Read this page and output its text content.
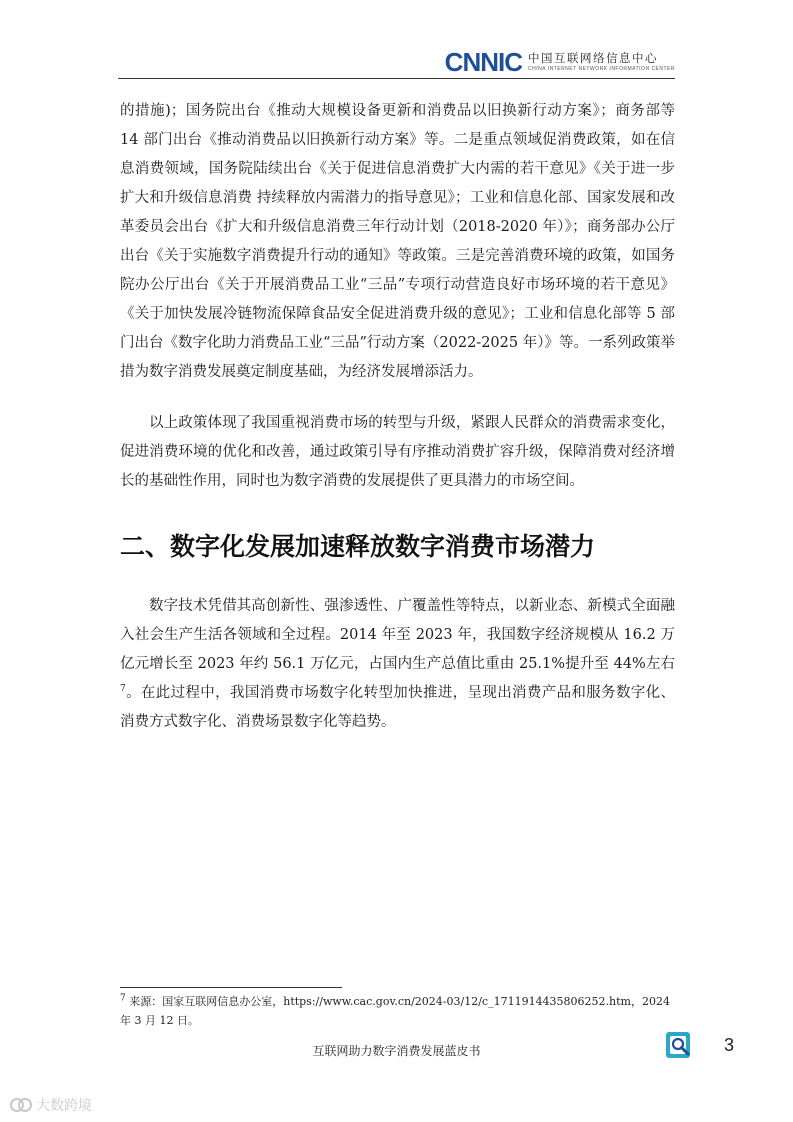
CNNIC 中国互联网络信息中心
CHINA INTERNET NETWORK INFORMATION CENTER

的措施)；国务院出台《推动大规模设备更新和消费品以旧换新行动方案》；商务部等 14 部门出台《推动消费品以旧换新行动方案》等。二是重点领域促消费政策，如在信息消费领域，国务院陆续出台《关于促进信息消费扩大内需的若干意见》《关于进一步扩大和升级信息消费 持续释放内需潜力的指导意见》；工业和信息化部、国家发展和改革委员会出台《扩大和升级信息消费三年行动计划（2018-2020 年）》；商务部办公厅出台《关于实施数字消费提升行动的通知》等政策。三是完善消费环境的政策，如国务院办公厅出台《关于开展消费品工业“三品”专项行动营造良好市场环境的若干意见》《关于加快发展冷链物流保障食品安全促进消费升级的意见》；工业和信息化部等 5 部门出台《数字化助力消费品工业“三品”行动方案（2022-2025 年）》等。一系列政策举措为数字消费发展奠定制度基础，为经济发展增添活力。

以上政策体现了我国重视消费市场的转型与升级，紧跟人民群众的消费需求变化，促进消费环境的优化和改善，通过政策引导有序推动消费扩容升级，保障消费对经济增长的基础性作用，同时也为数字消费的发展提供了更具潜力的市场空间。

二、数字化发展加速释放数字消费市场潜力

数字技术凭借其高创新性、强渗透性、广覆盖性等特点，以新业态、新模式全面融入社会生产生活各领域和全过程。2014 年至 2023 年，我国数字经济规模从 16.2 万亿元增长至 2023 年约 56.1 万亿元，占国内生产总值比重由 25.1%提升至 44%左右$^7$。在此过程中，我国消费市场数字化转型加快推进，呈现出消费产品和服务数字化、消费方式数字化、消费场景数字化等趋势。

$^7$ 来源：国家互联网信息办公室，https://www.cac.gov.cn/2024-03/12/c_1711914435806252.htm，2024 年 3 月 12 日。
互联网助力数字消费发展蓝皮书	3
大数跨境
